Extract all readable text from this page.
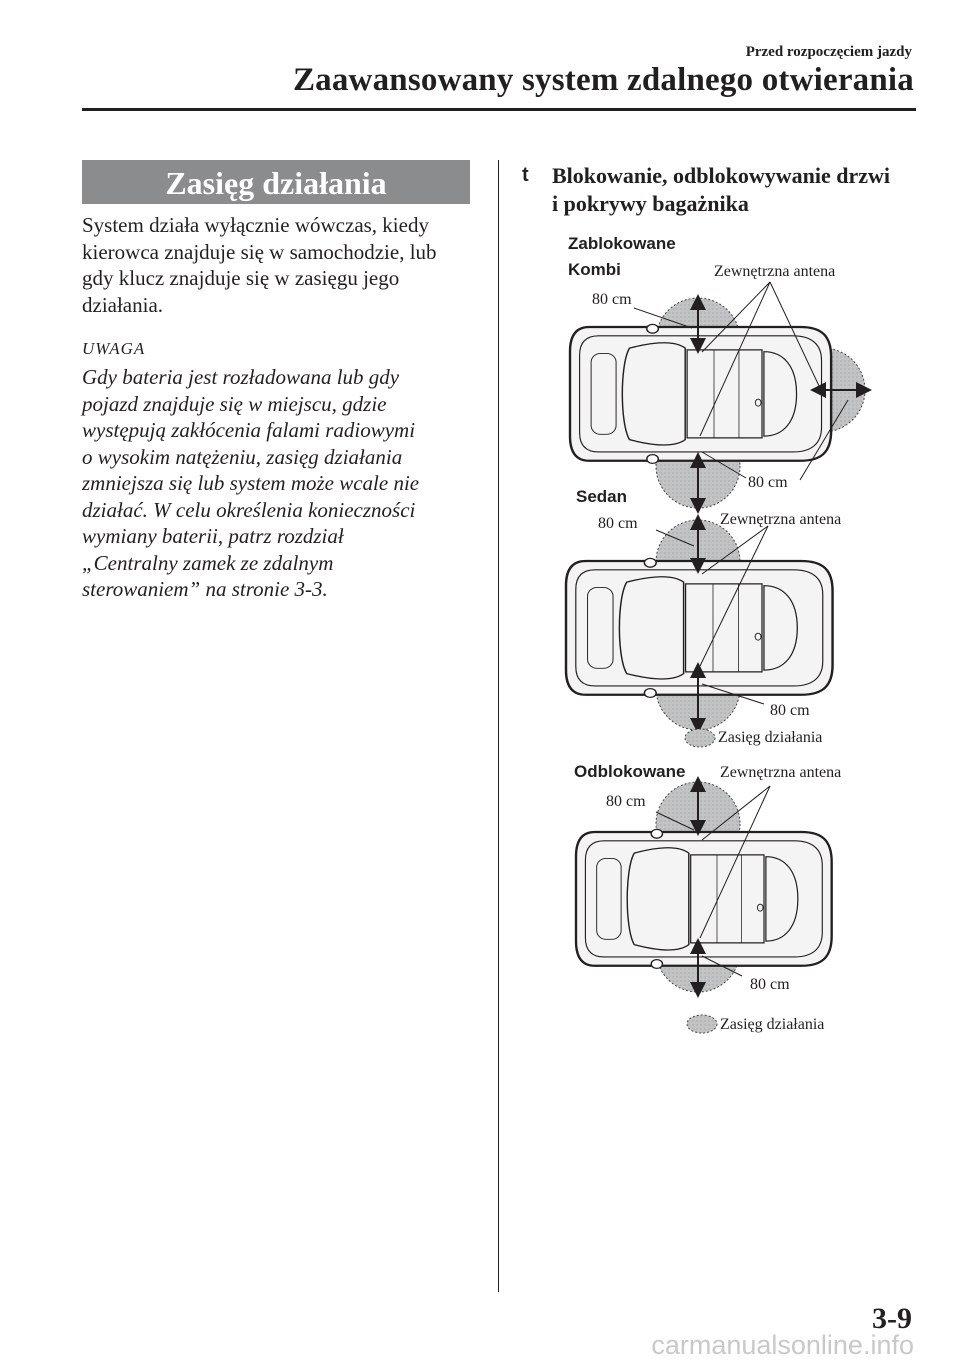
Przed rozpoczęciem jazdy
Zaawansowany system zdalnego otwierania
Zasięg działania
System działa wyłącznie wówczas, kiedy
kierowca znajduje się w samochodzie, lub
gdy klucz znajduje się w zasięgu jego
działania.
UWAGA
Gdy bateria jest rozładowana lub gdy
pojazd znajduje się w miejscu, gdzie
występują zakłócenia falami radiowymi
o wysokim natężeniu, zasięg działania
zmniejsza się lub system może wcale nie
działać. W celu określenia konieczności
wymiany baterii, patrz rozdział
„Centralny zamek ze zdalnym
sterowaniem” na stronie 3-3.
t Blokowanie, odblokowywanie drzwi
i pokrywy bagażnika
Zablokowane
Kombi	Zewnętrzna antena
80 cm
80 cm
Sedan
80 cm	Zewnętrzna antena
80 cm
Zasięg działania
Odblokowane Zewnętrzna antena
80 cm
80 cm
Zasięg działania
3-9
carmanualsonline.info
